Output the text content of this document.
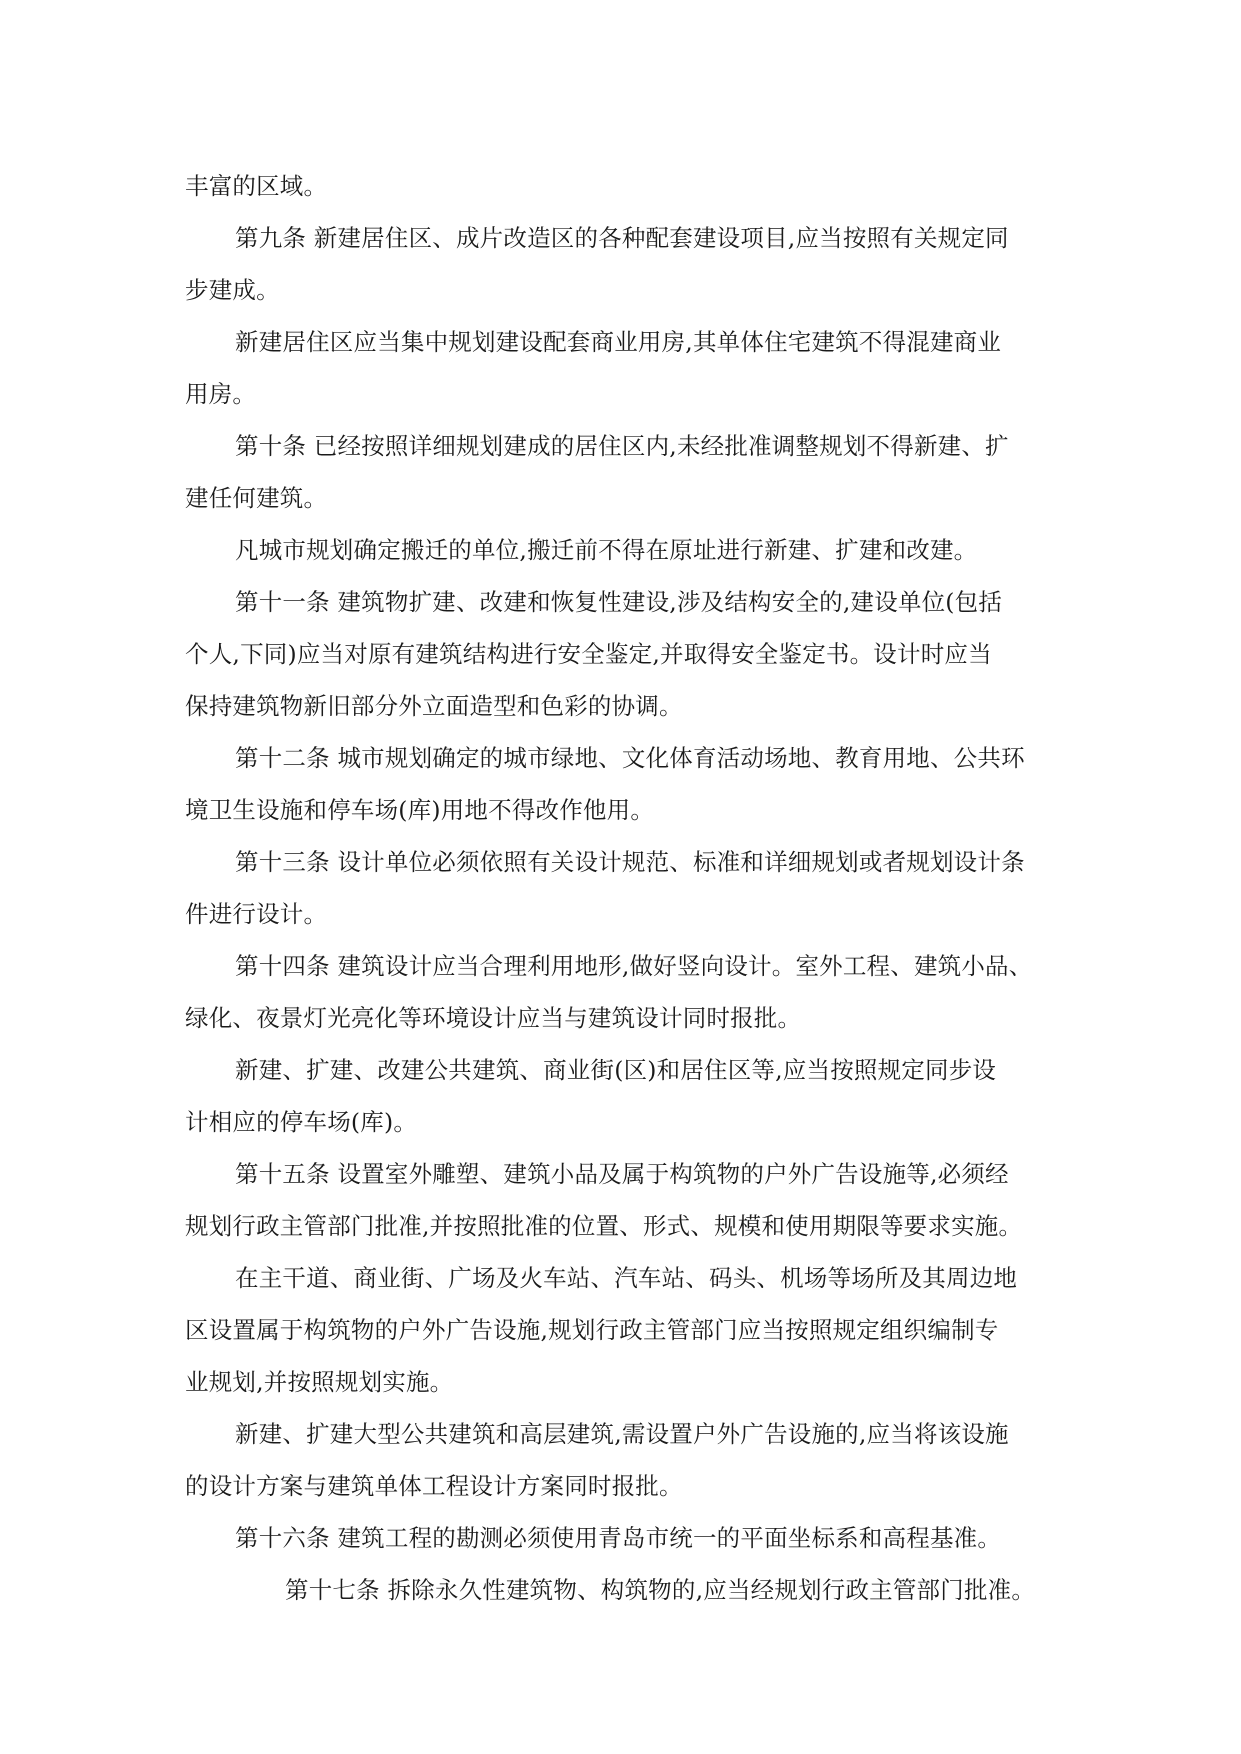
丰富的区域。
第九条 新建居住区、成片改造区的各种配套建设项目,应当按照有关规定同
步建成。
新建居住区应当集中规划建设配套商业用房,其单体住宅建筑不得混建商业
用房。
第十条 已经按照详细规划建成的居住区内,未经批准调整规划不得新建、扩
建任何建筑。
凡城市规划确定搬迁的单位,搬迁前不得在原址进行新建、扩建和改建。
第十一条 建筑物扩建、改建和恢复性建设,涉及结构安全的,建设单位(包括
个人,下同)应当对原有建筑结构进行安全鉴定,并取得安全鉴定书。设计时应当
保持建筑物新旧部分外立面造型和色彩的协调。
第十二条 城市规划确定的城市绿地、文化体育活动场地、教育用地、公共环
境卫生设施和停车场(库)用地不得改作他用。
第十三条 设计单位必须依照有关设计规范、标准和详细规划或者规划设计条
件进行设计。
第十四条 建筑设计应当合理利用地形,做好竖向设计。室外工程、建筑小品、
绿化、夜景灯光亮化等环境设计应当与建筑设计同时报批。
新建、扩建、改建公共建筑、商业街(区)和居住区等,应当按照规定同步设
计相应的停车场(库)。
第十五条 设置室外雕塑、建筑小品及属于构筑物的户外广告设施等,必须经
规划行政主管部门批准,并按照批准的位置、形式、规模和使用期限等要求实施。
在主干道、商业街、广场及火车站、汽车站、码头、机场等场所及其周边地
区设置属于构筑物的户外广告设施,规划行政主管部门应当按照规定组织编制专
业规划,并按照规划实施。
新建、扩建大型公共建筑和高层建筑,需设置户外广告设施的,应当将该设施
的设计方案与建筑单体工程设计方案同时报批。
第十六条 建筑工程的勘测必须使用青岛市统一的平面坐标系和高程基准。
第十七条 拆除永久性建筑物、构筑物的,应当经规划行政主管部门批准。
